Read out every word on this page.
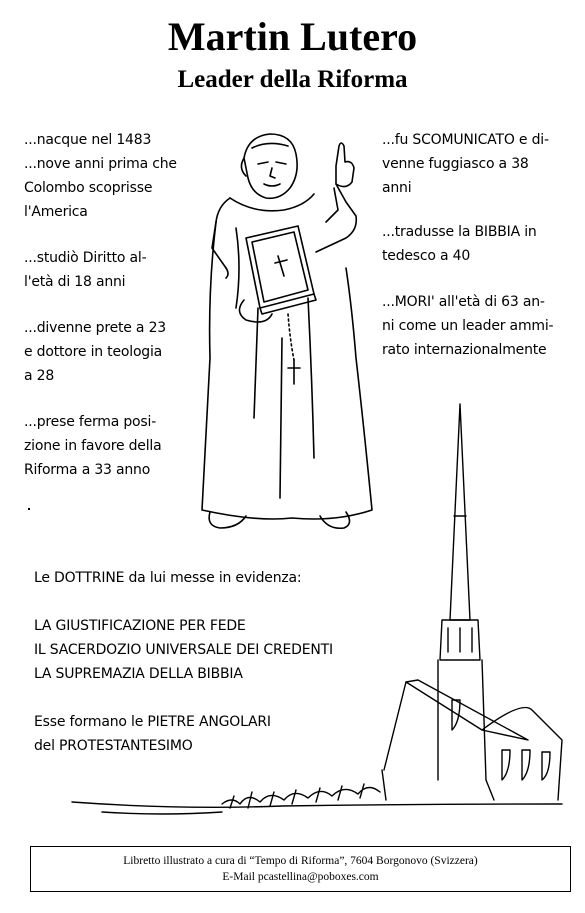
Martin Lutero
Leader della Riforma
...nacque nel 1483
...nove anni prima che
Colombo scoprisse
l'America
...studiò Diritto al-
l'età di 18 anni
...divenne prete a 23
e dottore in teologia
a 28
...prese ferma posi-
zione in favore della
Riforma a 33 anno
...fu SCOMUNICATO e di-
venne fuggiasco a 38
anni
...tradusse la BIBBIA in
tedesco a 40
...MORI' all'età di 63 an-
ni come un leader ammi-
rato internazionalmente
Le DOTTRINE da lui messe in evidenza:
LA GIUSTIFICAZIONE PER FEDE
IL SACERDOZIO UNIVERSALE DEI CREDENTI
LA SUPREMAZIA DELLA BIBBIA
Esse formano le PIETRE ANGOLARI
del PROTESTANTESIMO
Libretto illustrato a cura di “Tempo di Riforma”, 7604 Borgonovo (Svizzera)
E-Mail pcastellina@poboxes.com
